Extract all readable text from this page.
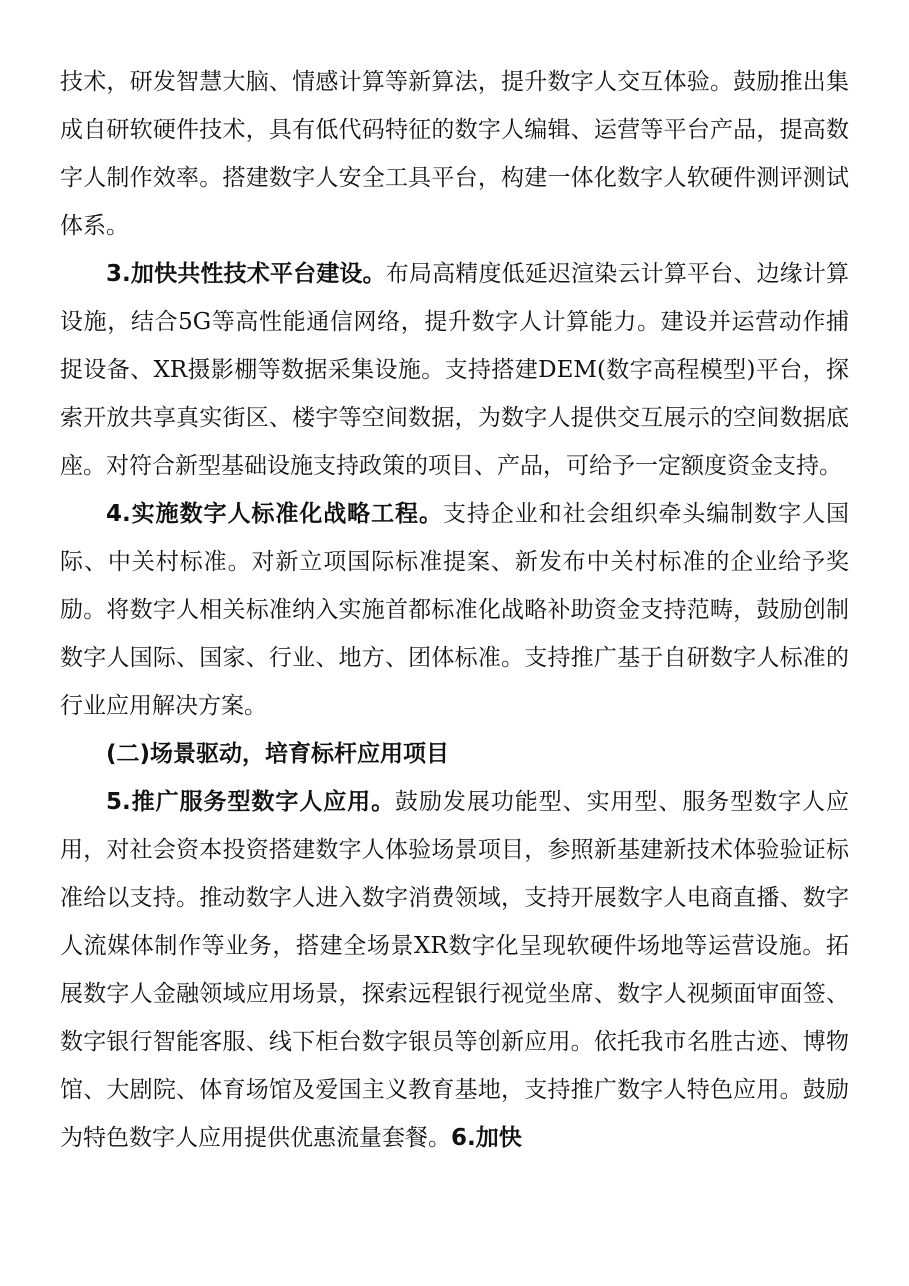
技术，研发智慧大脑、情感计算等新算法，提升数字人交互体验。鼓励推出集成自研软硬件技术，具有低代码特征的数字人编辑、运营等平台产品，提高数字人制作效率。搭建数字人安全工具平台，构建一体化数字人软硬件测评测试体系。

3.加快共性技术平台建设。布局高精度低延迟渲染云计算平台、边缘计算设施，结合5G等高性能通信网络，提升数字人计算能力。建设并运营动作捕捉设备、XR摄影棚等数据采集设施。支持搭建DEM(数字高程模型)平台，探索开放共享真实街区、楼宇等空间数据，为数字人提供交互展示的空间数据底座。对符合新型基础设施支持政策的项目、产品，可给予一定额度资金支持。

4.实施数字人标准化战略工程。支持企业和社会组织牵头编制数字人国际、中关村标准。对新立项国际标准提案、新发布中关村标准的企业给予奖励。将数字人相关标准纳入实施首都标准化战略补助资金支持范畴，鼓励创制数字人国际、国家、行业、地方、团体标准。支持推广基于自研数字人标准的行业应用解决方案。

(二)场景驱动，培育标杆应用项目

5.推广服务型数字人应用。鼓励发展功能型、实用型、服务型数字人应用，对社会资本投资搭建数字人体验场景项目，参照新基建新技术体验验证标准给以支持。推动数字人进入数字消费领域，支持开展数字人电商直播、数字人流媒体制作等业务，搭建全场景XR数字化呈现软硬件场地等运营设施。拓展数字人金融领域应用场景，探索远程银行视觉坐席、数字人视频面审面签、数字银行智能客服、线下柜台数字银员等创新应用。依托我市名胜古迹、博物馆、大剧院、体育场馆及爱国主义教育基地，支持推广数字人特色应用。鼓励为特色数字人应用提供优惠流量套餐。6.加快
